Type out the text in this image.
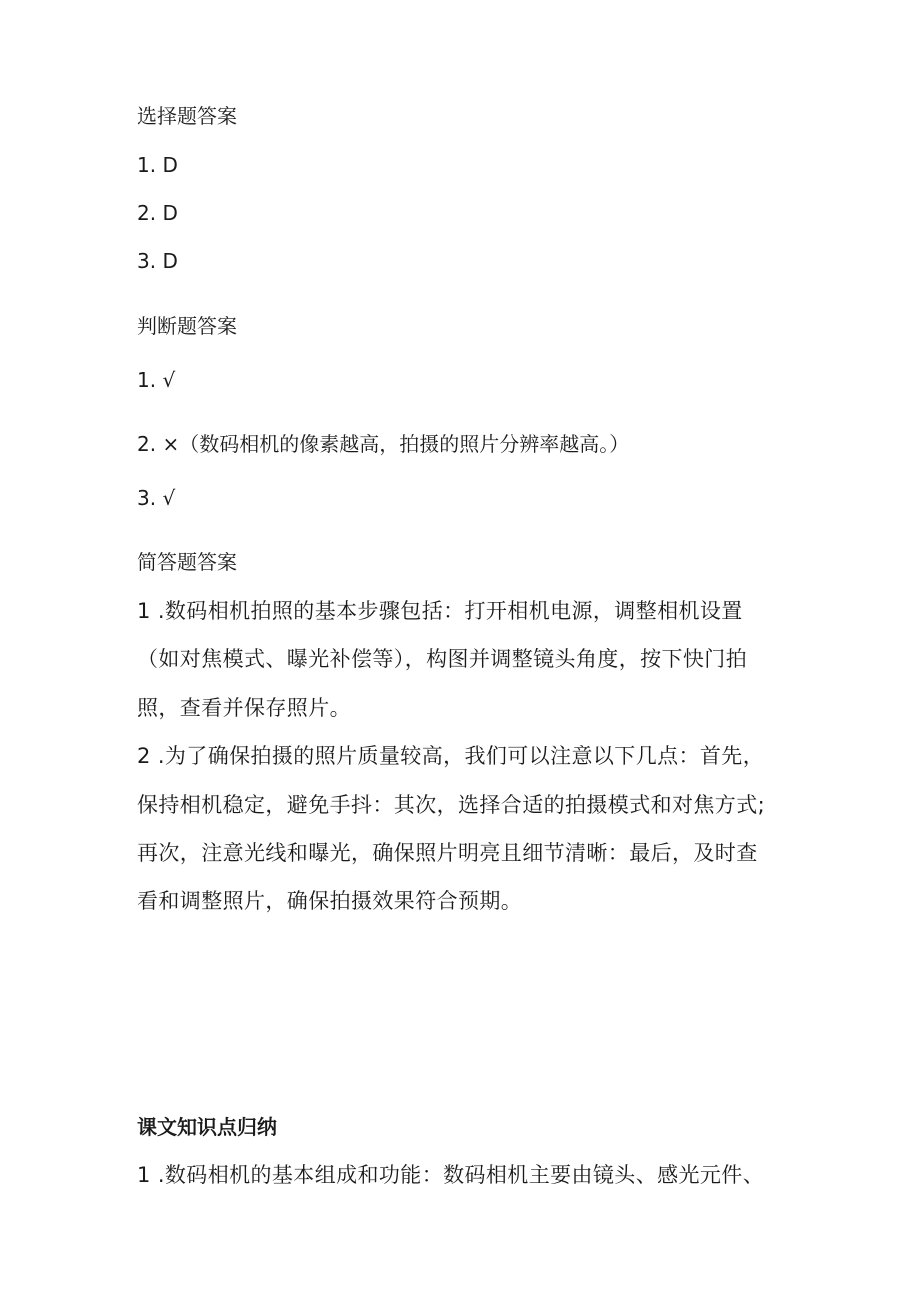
选择题答案
1. D
2. D
3. D
判断题答案
1. √
2. ×（数码相机的像素越高，拍摄的照片分辨率越高。）
3. √
简答题答案
1 .数码相机拍照的基本步骤包括：打开相机电源，调整相机设置
（如对焦模式、曝光补偿等），构图并调整镜头角度，按下快门拍
照，查看并保存照片。
2 .为了确保拍摄的照片质量较高，我们可以注意以下几点：首先，
保持相机稳定，避免手抖：其次，选择合适的拍摄模式和对焦方式;
再次，注意光线和曝光，确保照片明亮且细节清晰：最后，及时查
看和调整照片，确保拍摄效果符合预期。
课文知识点归纳
1 .数码相机的基本组成和功能：数码相机主要由镜头、感光元件、
